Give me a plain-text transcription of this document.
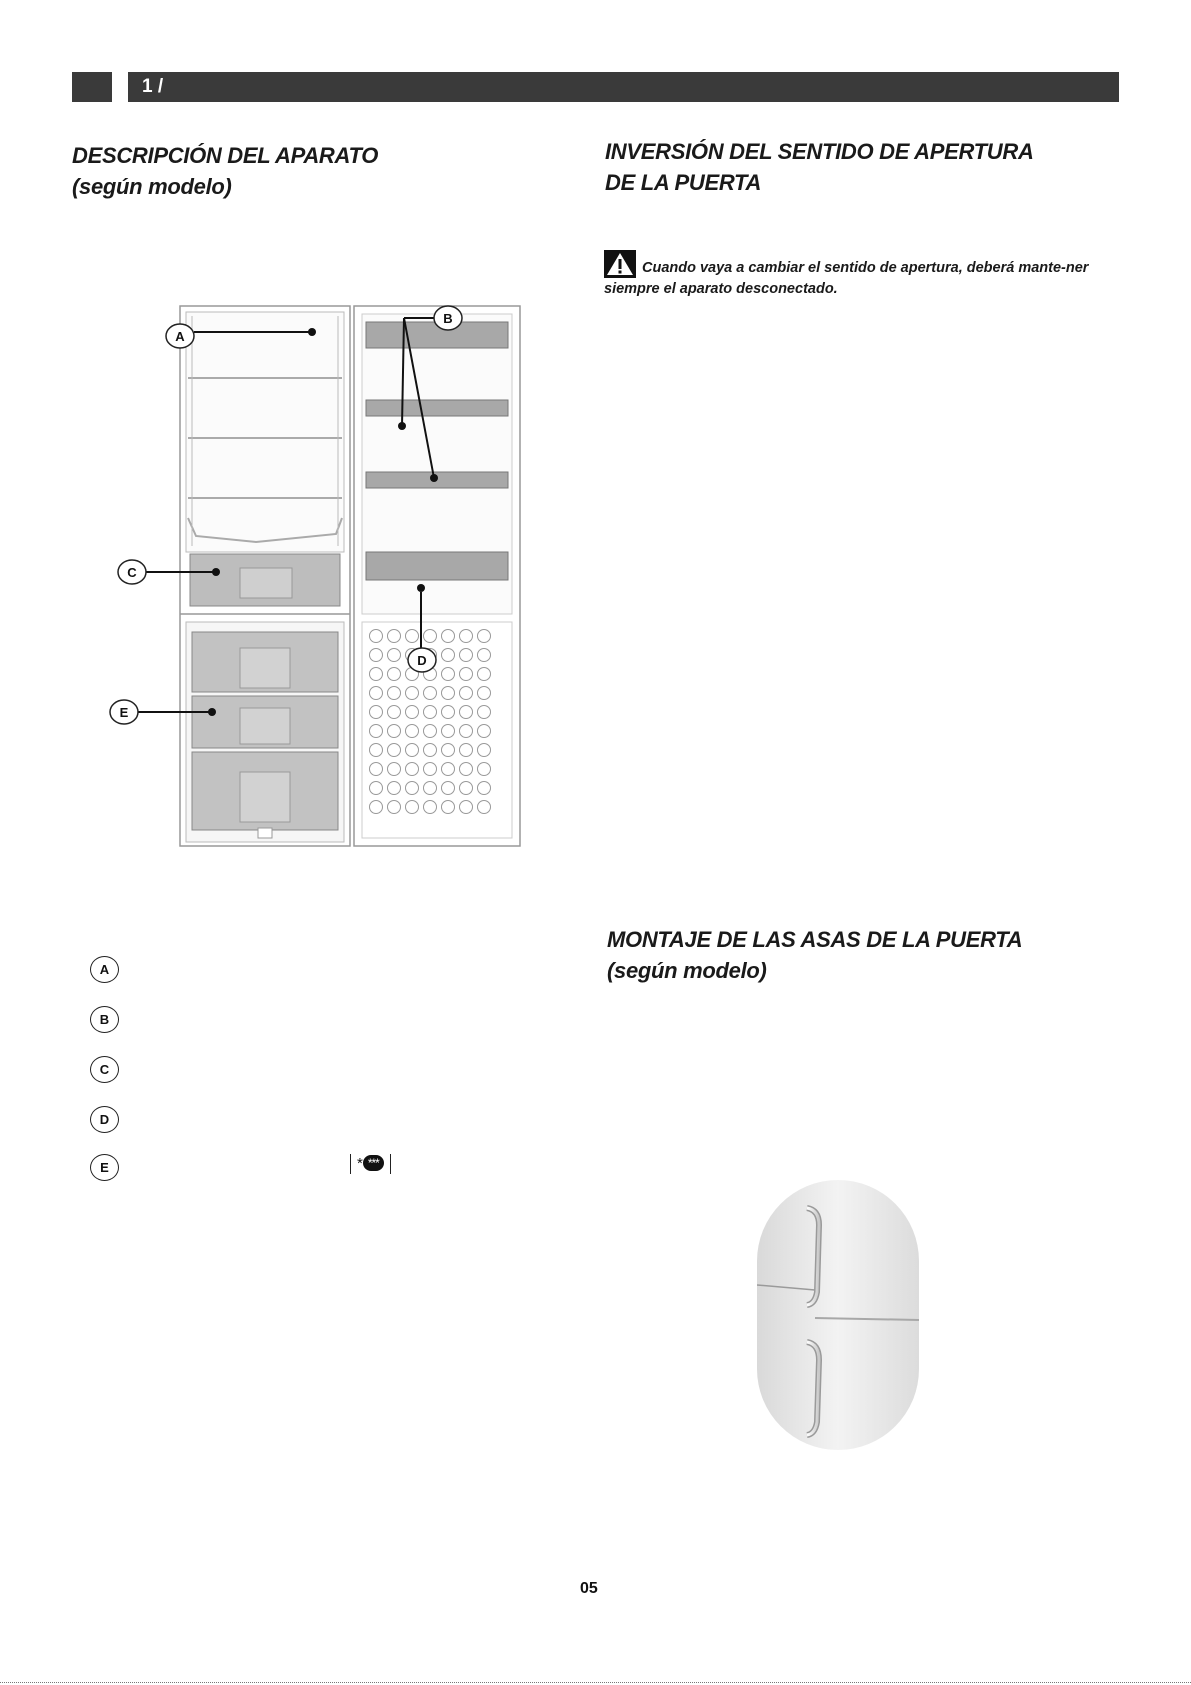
1 /
DESCRIPCIÓN DEL APARATO
(según modelo)
INVERSIÓN DEL SENTIDO DE APERTURA
DE LA PUERTA
Cuando vaya a cambiar el sentido de apertura, deberá mante-ner siempre el aparato desconectado.
A
B
C
D
E
A
B
C
D
E	* ***
MONTAJE DE LAS ASAS DE LA PUERTA
(según modelo)
05
